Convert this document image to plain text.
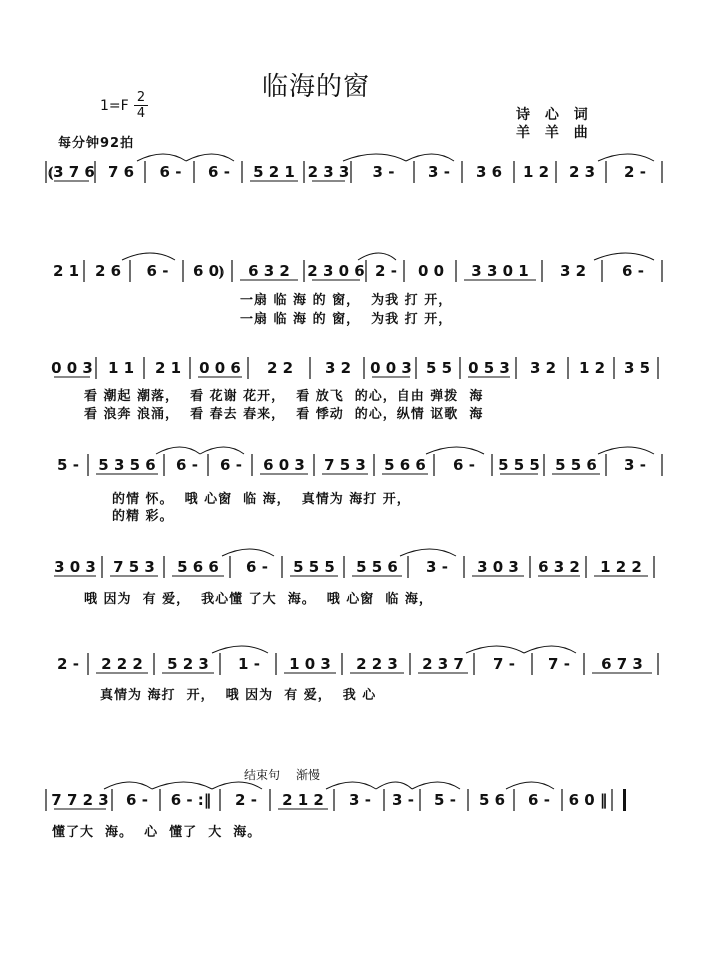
临海的窗
$1=F \frac{2}{4}$
每分钟92拍
诗 心 词
羊 羊 曲
结束句 渐慢
⦅3 7 6 7 6 6 - 6 - 5 2 1 2 3 3 3 - 3 - 3 6 1 2 2 3 2 -
2 1 2 6 6 - 6 0⦆ 6 3 2 2 3 0 6 2 - 0 0 3 3 0 1 3 2 6 -
一扇 临 海 的 窗，  为我 打 开，
一扇 临 海 的 窗，  为我 打 开，
0 0 3 1 1 2 1 0 0 6 2 2 3 2 0 0 3 5 5 0 5 3 3 2 1 2 3 5
看 潮起 潮落，  看 花谢 花开，  看 放飞  的心，自由 弹拨  海
看 浪奔 浪涌，  看 春去 春来，  看 悸动  的心，纵情 讴歌  海
5 - 5 3 5 6 6 - 6 - 6 0 3 7 5 3 5 6 6 6 - 5 5 5 5 5 6 3 -
的情 怀。  哦 心窗  临 海，  真情为 海打 开，
的精 彩。
3 0 3 7 5 3 5 6 6 6 - 5 5 5 5 5 6 3 - 3 0 3 6 3 2 1 2 2
哦 因为  有 爱，  我心懂 了大  海。  哦 心窗  临 海，
2 - 2 2 2 5 2 3 1 - 1 0 3 2 2 3 2 3 7 7 - 7 - 6 7 3
真情为 海打  开，  哦 因为  有 爱，  我 心
7 7 2 3 6 - 6 - :‖ 2 - 2 1 2 3 - 3 - 5 - 5 6 6 - 6 0 ‖
懂了大  海。  心  懂了  大  海。
